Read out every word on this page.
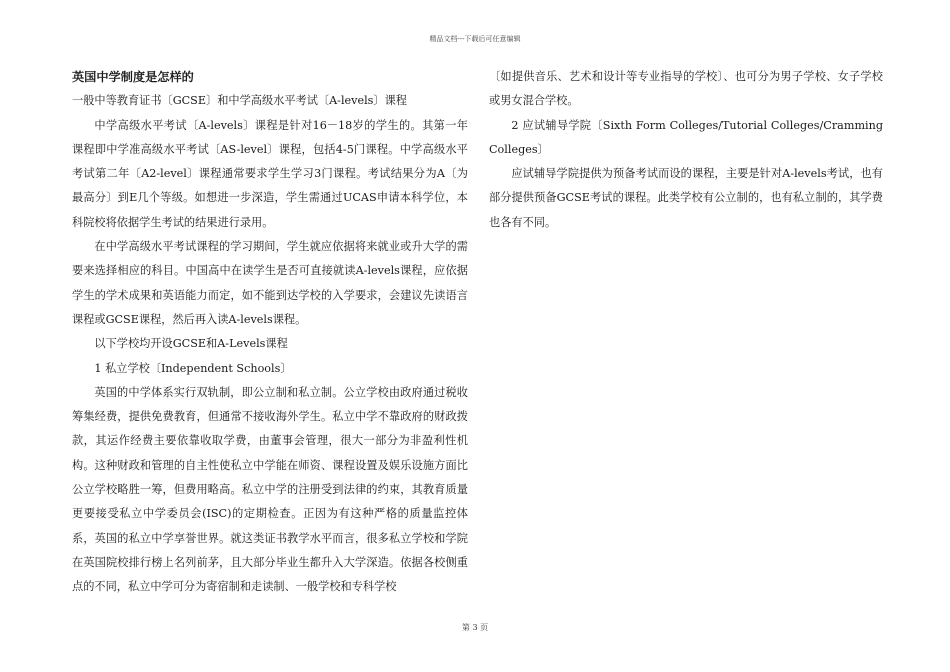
精品文档---下载后可任意编辑

英国中学制度是怎样的

一般中等教育证书〔GCSE〕和中学高级水平考试〔A-levels〕课程

中学高级水平考试〔A-levels〕课程是针对16－18岁的学生的。其第一年课程即中学准高级水平考试〔AS-level〕课程，包括4-5门课程。中学高级水平考试第二年〔A2-level〕课程通常要求学生学习3门课程。考试结果分为A〔为最高分〕到E几个等级。如想进一步深造，学生需通过UCAS申请本科学位，本科院校将依据学生考试的结果进行录用。

在中学高级水平考试课程的学习期间，学生就应依据将来就业或升大学的需要来选择相应的科目。中国高中在读学生是否可直接就读A-levels课程，应依据学生的学术成果和英语能力而定，如不能到达学校的入学要求，会建议先读语言课程或GCSE课程，然后再入读A-levels课程。

以下学校均开设GCSE和A-Levels课程

1 私立学校〔Independent Schools〕

英国的中学体系实行双轨制，即公立制和私立制。公立学校由政府通过税收筹集经费，提供免费教育，但通常不接收海外学生。私立中学不靠政府的财政拨款，其运作经费主要依靠收取学费，由董事会管理，很大一部分为非盈利性机构。这种财政和管理的自主性使私立中学能在师资、课程设置及娱乐设施方面比公立学校略胜一筹，但费用略高。私立中学的注册受到法律的约束，其教育质量更要接受私立中学委员会(ISC)的定期检查。正因为有这种严格的质量监控体系，英国的私立中学享誉世界。就这类证书教学水平而言，很多私立学校和学院在英国院校排行榜上名列前茅，且大部分毕业生都升入大学深造。依据各校侧重点的不同，私立中学可分为寄宿制和走读制、一般学校和专科学校

〔如提供音乐、艺术和设计等专业指导的学校〕、也可分为男子学校、女子学校或男女混合学校。

2 应试辅导学院〔Sixth Form Colleges/Tutorial Colleges/Cramming Colleges〕

应试辅导学院提供为预备考试而设的课程，主要是针对A-levels考试，也有部分提供预备GCSE考试的课程。此类学校有公立制的，也有私立制的，其学费也各有不同。

第 3 页
